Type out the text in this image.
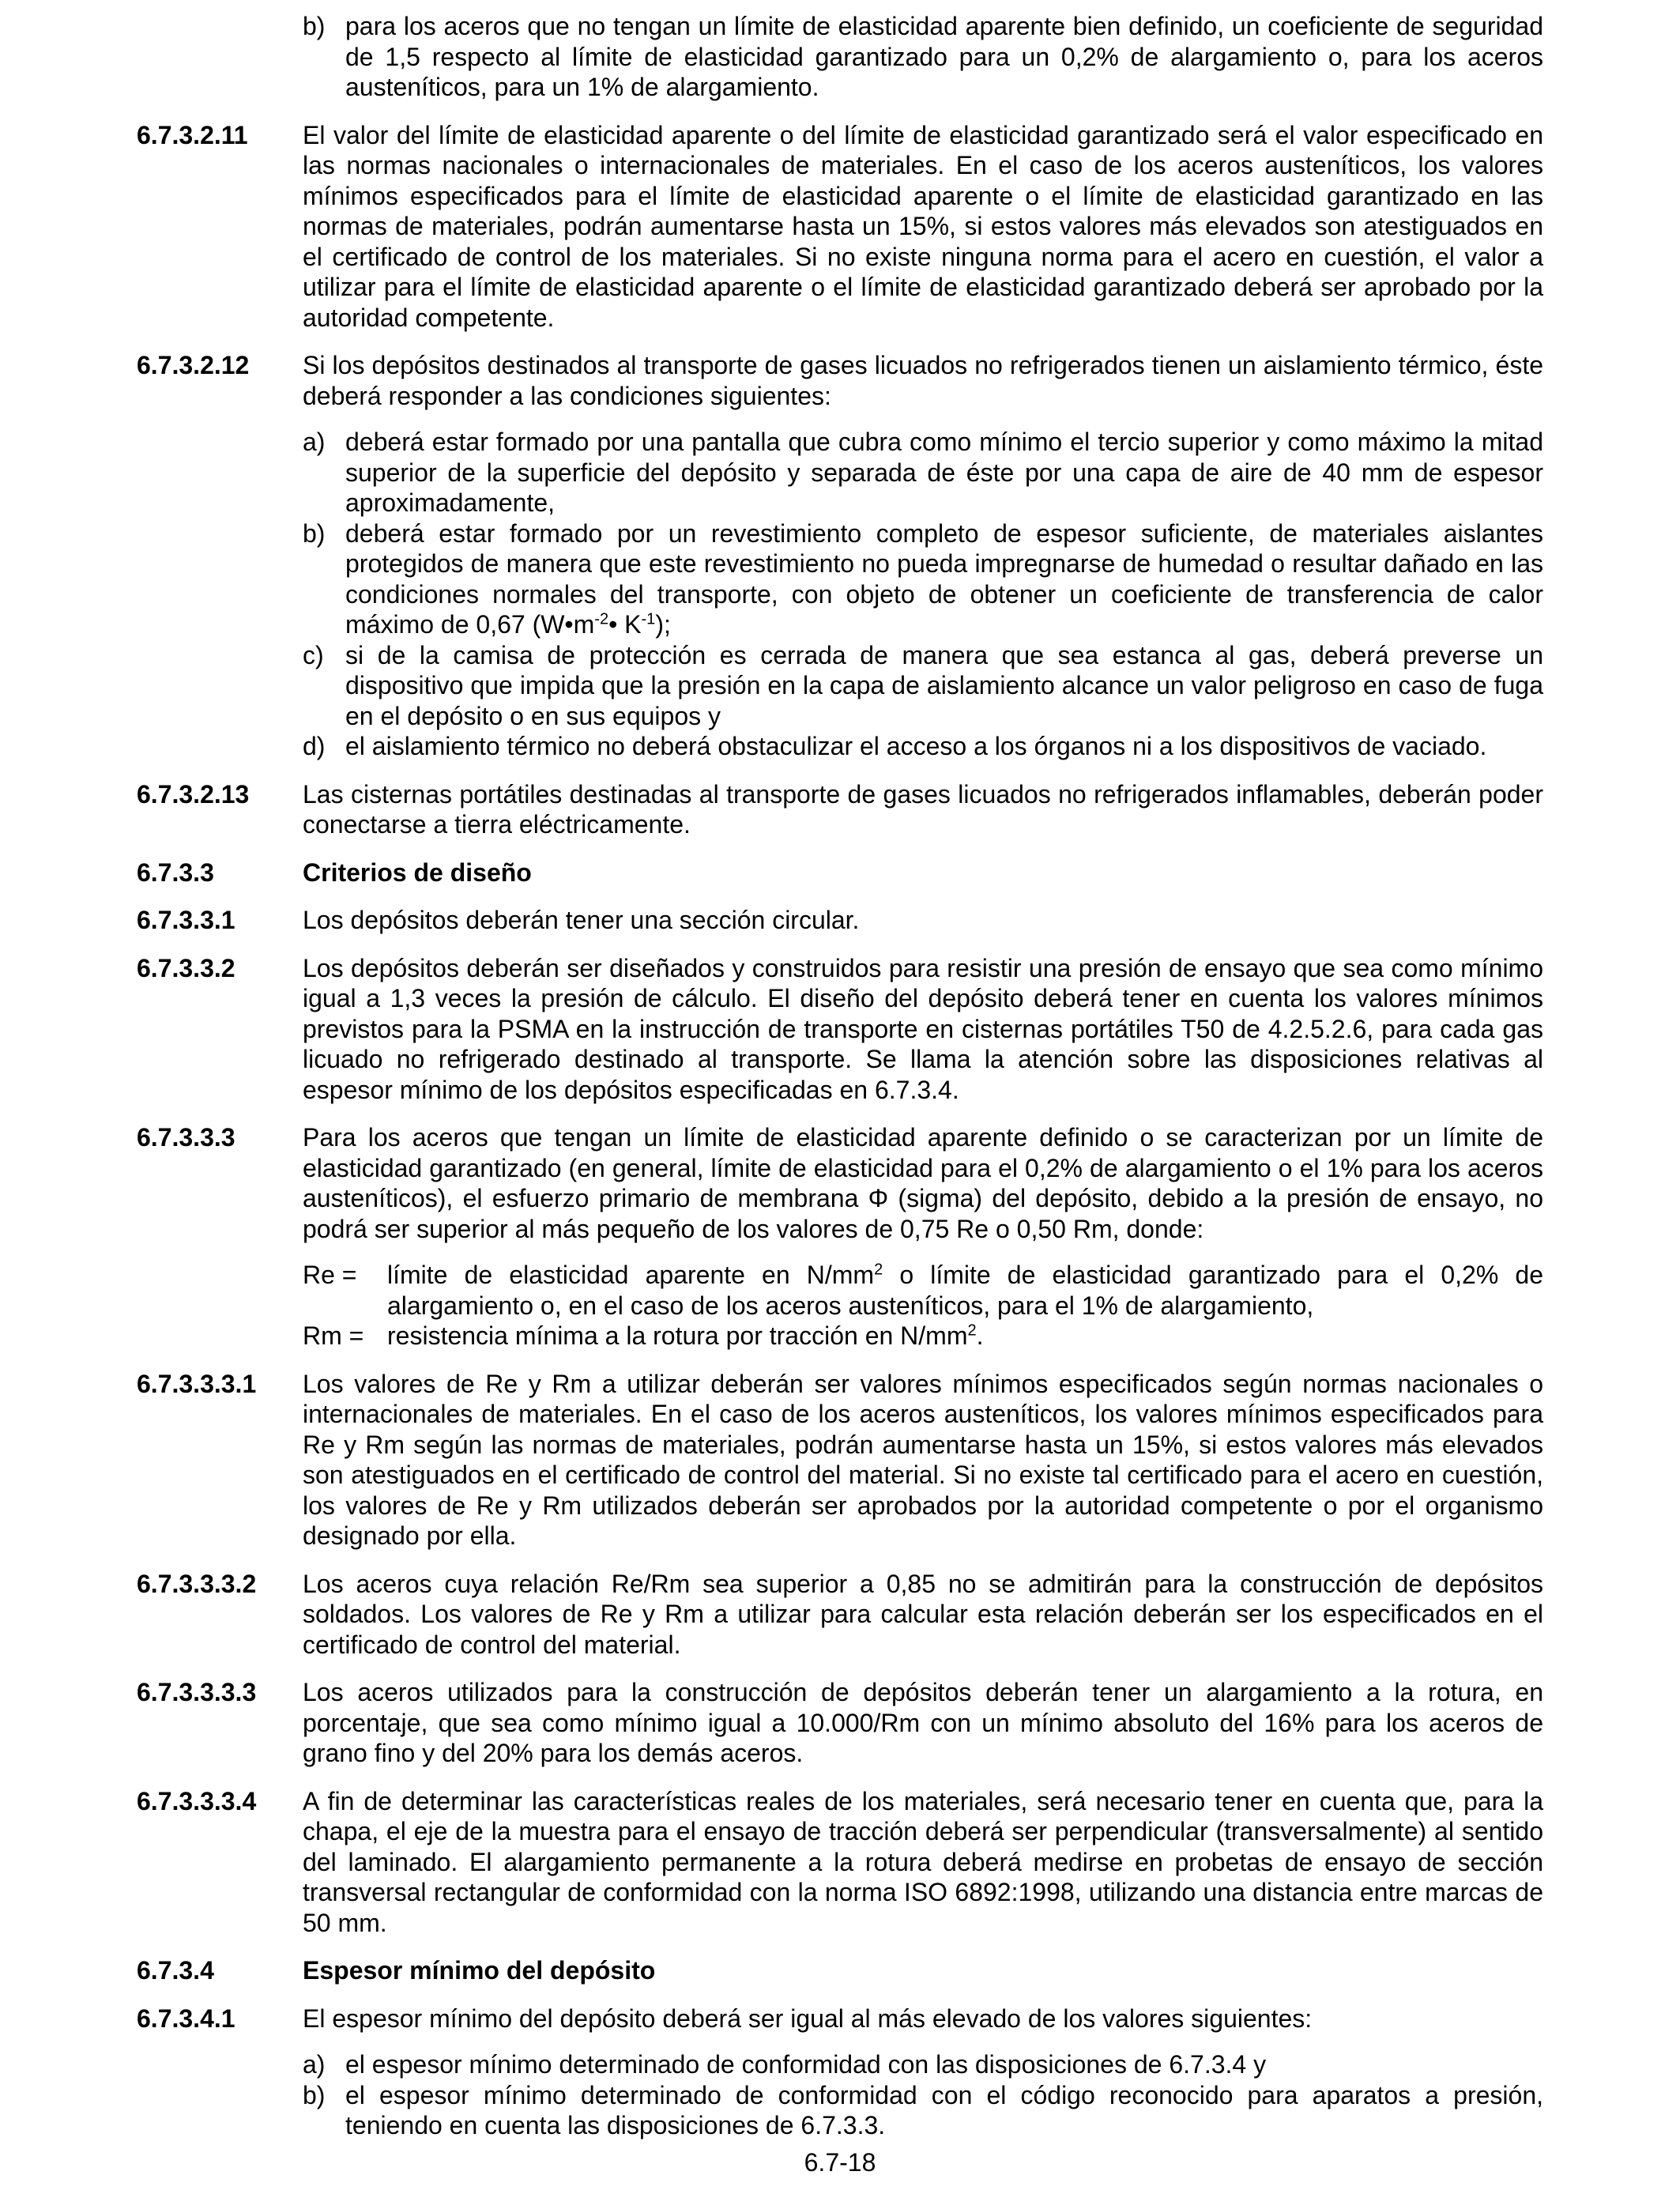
b) para los aceros que no tengan un límite de elasticidad aparente bien definido, un coeficiente de seguridad de 1,5 respecto al límite de elasticidad garantizado para un 0,2% de alargamiento o, para los aceros austeníticos, para un 1% de alargamiento.
6.7.3.2.11	El valor del límite de elasticidad aparente o del límite de elasticidad garantizado será el valor especificado en las normas nacionales o internacionales de materiales. En el caso de los aceros austeníticos, los valores mínimos especificados para el límite de elasticidad aparente o el límite de elasticidad garantizado en las normas de materiales, podrán aumentarse hasta un 15%, si estos valores más elevados son atestiguados en el certificado de control de los materiales. Si no existe ninguna norma para el acero en cuestión, el valor a utilizar para el límite de elasticidad aparente o el límite de elasticidad garantizado deberá ser aprobado por la autoridad competente.

6.7.3.2.12	Si los depósitos destinados al transporte de gases licuados no refrigerados tienen un aislamiento térmico, éste deberá responder a las condiciones siguientes:

a) deberá estar formado por una pantalla que cubra como mínimo el tercio superior y como máximo la mitad superior de la superficie del depósito y separada de éste por una capa de aire de 40 mm de espesor aproximadamente,
b) deberá estar formado por un revestimiento completo de espesor suficiente, de materiales aislantes protegidos de manera que este revestimiento no pueda impregnarse de humedad o resultar dañado en las condiciones normales del transporte, con objeto de obtener un coeficiente de transferencia de calor máximo de 0,67 ($W•m^{-2}•$ $K^{-1}$);
c) si de la camisa de protección es cerrada de manera que sea estanca al gas, deberá preverse un dispositivo que impida que la presión en la capa de aislamiento alcance un valor peligroso en caso de fuga en el depósito o en sus equipos y
d) el aislamiento térmico no deberá obstaculizar el acceso a los órganos ni a los dispositivos de vaciado.
6.7.3.2.13	Las cisternas portátiles destinadas al transporte de gases licuados no refrigerados inflamables, deberán poder conectarse a tierra eléctricamente.

6.7.3.3	Criterios de diseño

6.7.3.3.1	Los depósitos deberán tener una sección circular.

6.7.3.3.2	Los depósitos deberán ser diseñados y construidos para resistir una presión de ensayo que sea como mínimo igual a 1,3 veces la presión de cálculo. El diseño del depósito deberá tener en cuenta los valores mínimos previstos para la PSMA en la instrucción de transporte en cisternas portátiles T50 de 4.2.5.2.6, para cada gas licuado no refrigerado destinado al transporte. Se llama la atención sobre las disposiciones relativas al espesor mínimo de los depósitos especificadas en 6.7.3.4.

6.7.3.3.3	Para los aceros que tengan un límite de elasticidad aparente definido o se caracterizan por un límite de elasticidad garantizado (en general, límite de elasticidad para el 0,2% de alargamiento o el 1% para los aceros austeníticos), el esfuerzo primario de membrana Φ (sigma) del depósito, debido a la presión de ensayo, no podrá ser superior al más pequeño de los valores de 0,75 Re o 0,50 Rm, donde:

Re =	límite de elasticidad aparente en $N/mm^2$ o límite de elasticidad garantizado para el 0,2% de alargamiento o, en el caso de los aceros austeníticos, para el 1% de alargamiento,
Rm = resistencia mínima a la rotura por tracción en $N/mm^2$.
6.7.3.3.3.1	Los valores de Re y Rm a utilizar deberán ser valores mínimos especificados según normas nacionales o internacionales de materiales. En el caso de los aceros austeníticos, los valores mínimos especificados para Re y Rm según las normas de materiales, podrán aumentarse hasta un 15%, si estos valores más elevados son atestiguados en el certificado de control del material. Si no existe tal certificado para el acero en cuestión, los valores de Re y Rm utilizados deberán ser aprobados por la autoridad competente o por el organismo designado por ella.

6.7.3.3.3.2	Los aceros cuya relación Re/Rm sea superior a 0,85 no se admitirán para la construcción de depósitos soldados. Los valores de Re y Rm a utilizar para calcular esta relación deberán ser los especificados en el certificado de control del material.

6.7.3.3.3.3	Los aceros utilizados para la construcción de depósitos deberán tener un alargamiento a la rotura, en porcentaje, que sea como mínimo igual a 10.000/Rm con un mínimo absoluto del 16% para los aceros de grano fino y del 20% para los demás aceros.

6.7.3.3.3.4	A fin de determinar las características reales de los materiales, será necesario tener en cuenta que, para la chapa, el eje de la muestra para el ensayo de tracción deberá ser perpendicular (transversalmente) al sentido del laminado. El alargamiento permanente a la rotura deberá medirse en probetas de ensayo de sección transversal rectangular de conformidad con la norma ISO 6892:1998, utilizando una distancia entre marcas de 50 mm.

6.7.3.4	Espesor mínimo del depósito

6.7.3.4.1	El espesor mínimo del depósito deberá ser igual al más elevado de los valores siguientes:

a) el espesor mínimo determinado de conformidad con las disposiciones de 6.7.3.4 y
b) el espesor mínimo determinado de conformidad con el código reconocido para aparatos a presión, teniendo en cuenta las disposiciones de 6.7.3.3.
6.7-18
